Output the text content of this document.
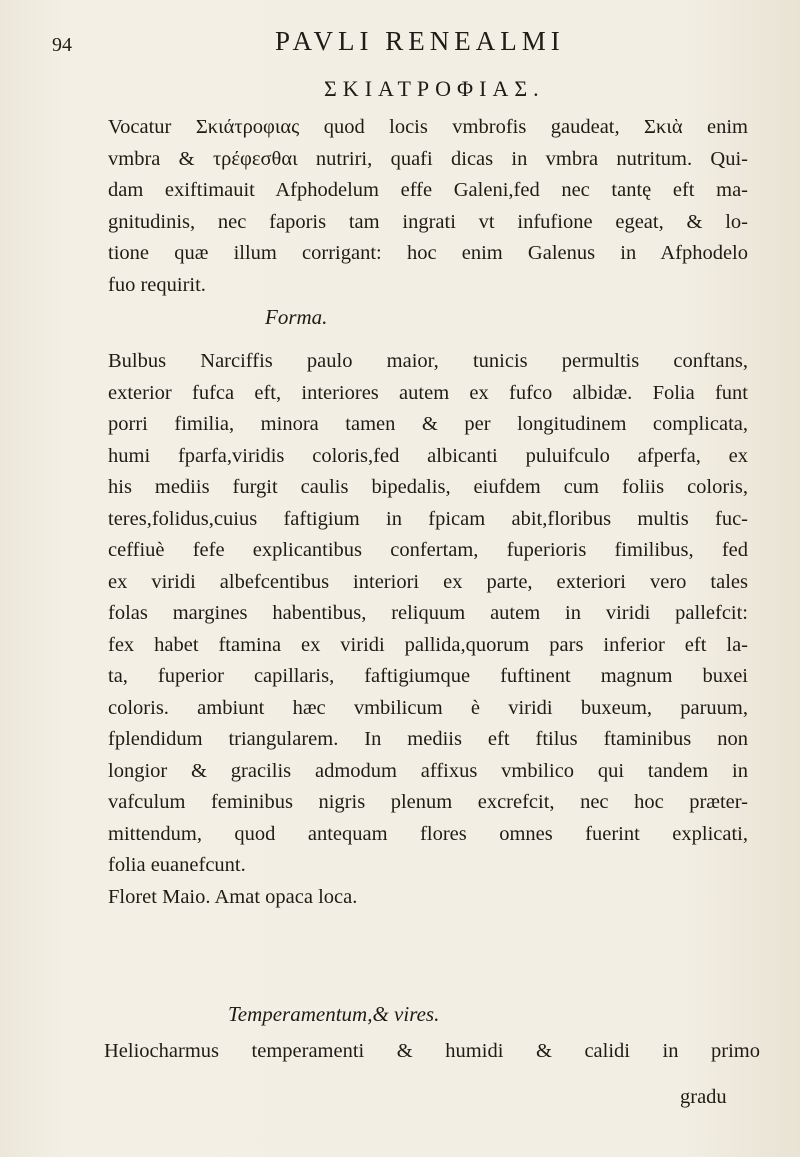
94	PAVLI RENEALMI
ΣΚΙΑΤΡΟΦΙΑΣ.
Vocatur Σκιάτροφιας quod locis vmbrofis gaudeat, Σκιὰ enim
vmbra & τρέφεσθαι nutriri, quafi dicas in vmbra nutritum. Qui-
dam exiftimauit Afphodelum effe Galeni,fed nec tantę eft ma-
gnitudinis, nec faporis tam ingrati vt infufione egeat, & lo-
tione quæ illum corrigant: hoc enim Galenus in Afphodelo
fuo requirit.
Forma.
Bulbus Narciffis paulo maior, tunicis permultis conftans,
exterior fufca eft, interiores autem ex fufco albidæ. Folia funt
porri fimilia, minora tamen & per longitudinem complicata,
humi fparfa,viridis coloris,fed albicanti puluifculo afperfa, ex
his mediis furgit caulis bipedalis, eiufdem cum foliis coloris,
teres,folidus,cuius faftigium in fpicam abit,floribus multis fuc-
ceffiuè fefe explicantibus confertam, fuperioris fimilibus, fed
ex viridi albefcentibus interiori ex parte, exteriori vero tales
folas margines habentibus, reliquum autem in viridi pallefcit:
fex habet ftamina ex viridi pallida,quorum pars inferior eft la-
ta, fuperior capillaris, faftigiumque fuftinent magnum buxei
coloris. ambiunt hæc vmbilicum è viridi buxeum, paruum,
fplendidum triangularem. In mediis eft ftilus ftaminibus non
longior & gracilis admodum affixus vmbilico qui tandem in
vafculum feminibus nigris plenum excrefcit, nec hoc præter-
mittendum, quod antequam flores omnes fuerint explicati,
folia euanefcunt.
Floret Maio. Amat opaca loca.
Temperamentum,& vires.
Heliocharmus temperamenti & humidi & calidi in primo
gradu
